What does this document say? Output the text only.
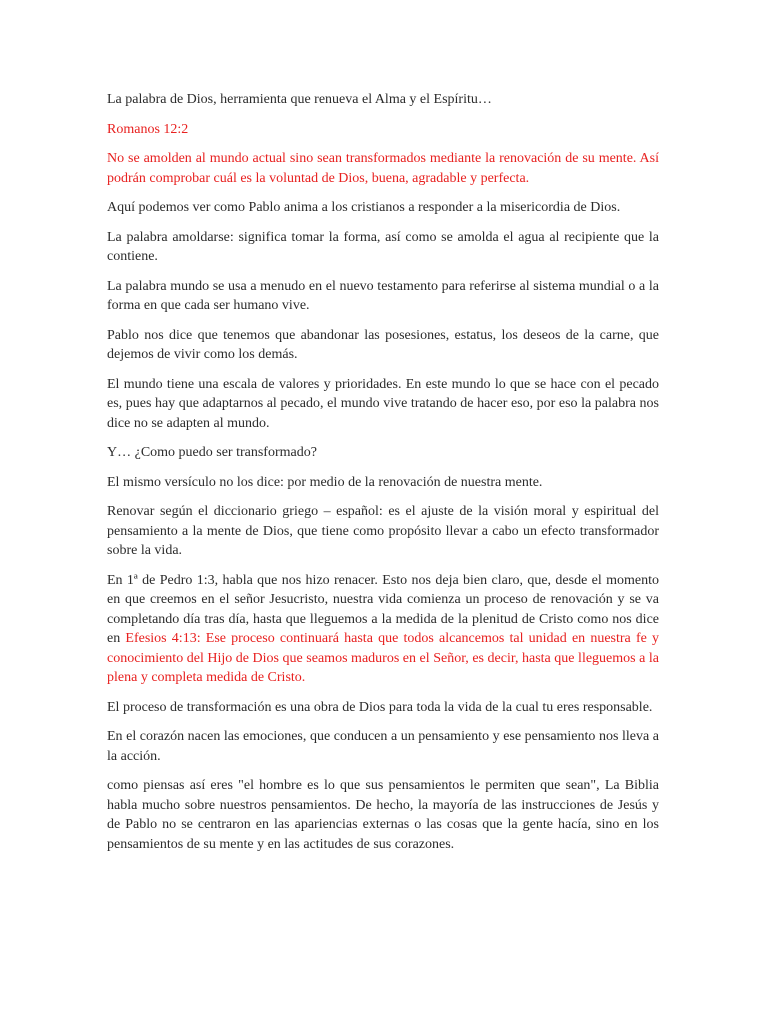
La palabra de Dios, herramienta que renueva el Alma y el Espíritu…

Romanos 12:2

No se amolden al mundo actual sino sean transformados mediante la renovación de su mente. Así podrán comprobar cuál es la voluntad de Dios, buena, agradable y perfecta.

Aquí podemos ver como Pablo anima a los cristianos a responder a la misericordia de Dios.

La palabra amoldarse: significa tomar la forma, así como se amolda el agua al recipiente que la contiene.

La palabra mundo se usa a menudo en el nuevo testamento para referirse al sistema mundial o a la forma en que cada ser humano vive.

Pablo nos dice que tenemos que abandonar las posesiones, estatus, los deseos de la carne, que dejemos de vivir como los demás.

El mundo tiene una escala de valores y prioridades. En este mundo lo que se hace con el pecado es, pues hay que adaptarnos al pecado, el mundo vive tratando de hacer eso, por eso la palabra nos dice no se adapten al mundo.

Y… ¿Como puedo ser transformado?

El mismo versículo no los dice: por medio de la renovación de nuestra mente.

Renovar según el diccionario griego – español: es el ajuste de la visión moral y espiritual del pensamiento a la mente de Dios, que tiene como propósito llevar a cabo un efecto transformador sobre la vida.

En 1ª de Pedro 1:3, habla que nos hizo renacer. Esto nos deja bien claro, que, desde el momento en que creemos en el señor Jesucristo, nuestra vida comienza un proceso de renovación y se va completando día tras día, hasta que lleguemos a la medida de la plenitud de Cristo como nos dice en Efesios 4:13: Ese proceso continuará hasta que todos alcancemos tal unidad en nuestra fe y conocimiento del Hijo de Dios que seamos maduros en el Señor, es decir, hasta que lleguemos a la plena y completa medida de Cristo.

El proceso de transformación es una obra de Dios para toda la vida de la cual tu eres responsable.

En el corazón nacen las emociones, que conducen a un pensamiento y ese pensamiento nos lleva a la acción.

como piensas así eres "el hombre es lo que sus pensamientos le permiten que sean", La Biblia habla mucho sobre nuestros pensamientos. De hecho, la mayoría de las instrucciones de Jesús y de Pablo no se centraron en las apariencias externas o las cosas que la gente hacía, sino en los pensamientos de su mente y en las actitudes de sus corazones.
